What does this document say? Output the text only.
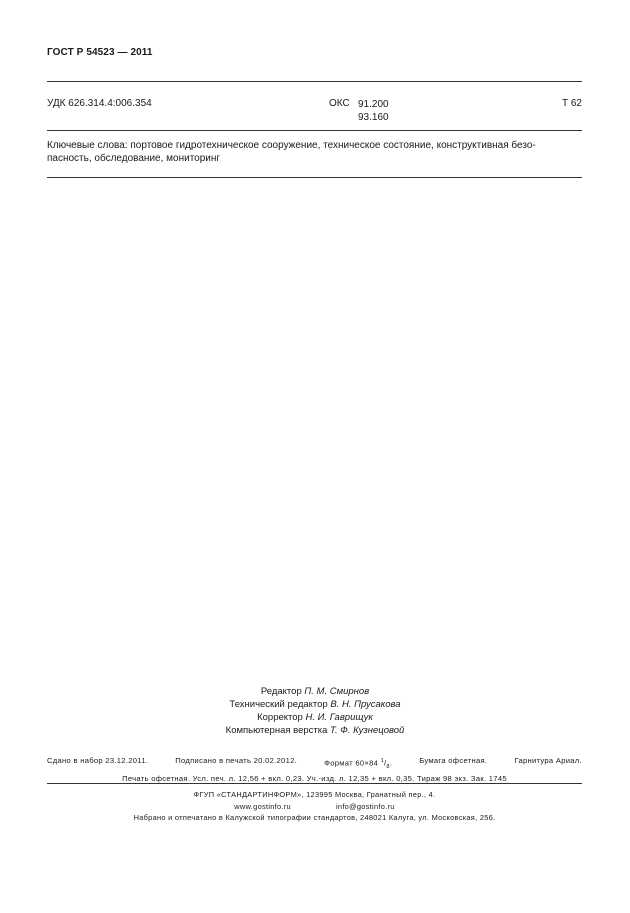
ГОСТ Р 54523 — 2011
УДК 626.314.4:006.354	ОКС 91.200
93.160
Т 62
Ключевые слова: портовое гидротехническое сооружение, техническое состояние, конструктивная безо-
пасность, обследование, мониторинг
Редактор П. М. Смирнов
Технический редактор В. Н. Прусакова
Корректор Н. И. Гаврищук
Компьютерная верстка Т. Ф. Кузнецовой
Сдано в набор 23.12.2011.	Подписано в печать 20.02.2012.	Формат 60×84 $^1/_8$.	Бумага офсетная.	Гарнитура Ариал.
Печать офсетная. Усл. печ. л. 12,56 + вкл. 0,23. Уч.-изд. л. 12,35 + вкл. 0,35. Тираж 98 экз. Зак. 1745
ФГУП «СТАНДАРТИНФОРМ», 123995 Москва, Гранатный пер., 4.
www.gostinfo.ru	info@gostinfo.ru
Набрано и отпечатано в Калужской типографии стандартов, 248021 Калуга, ул. Московская, 256.
